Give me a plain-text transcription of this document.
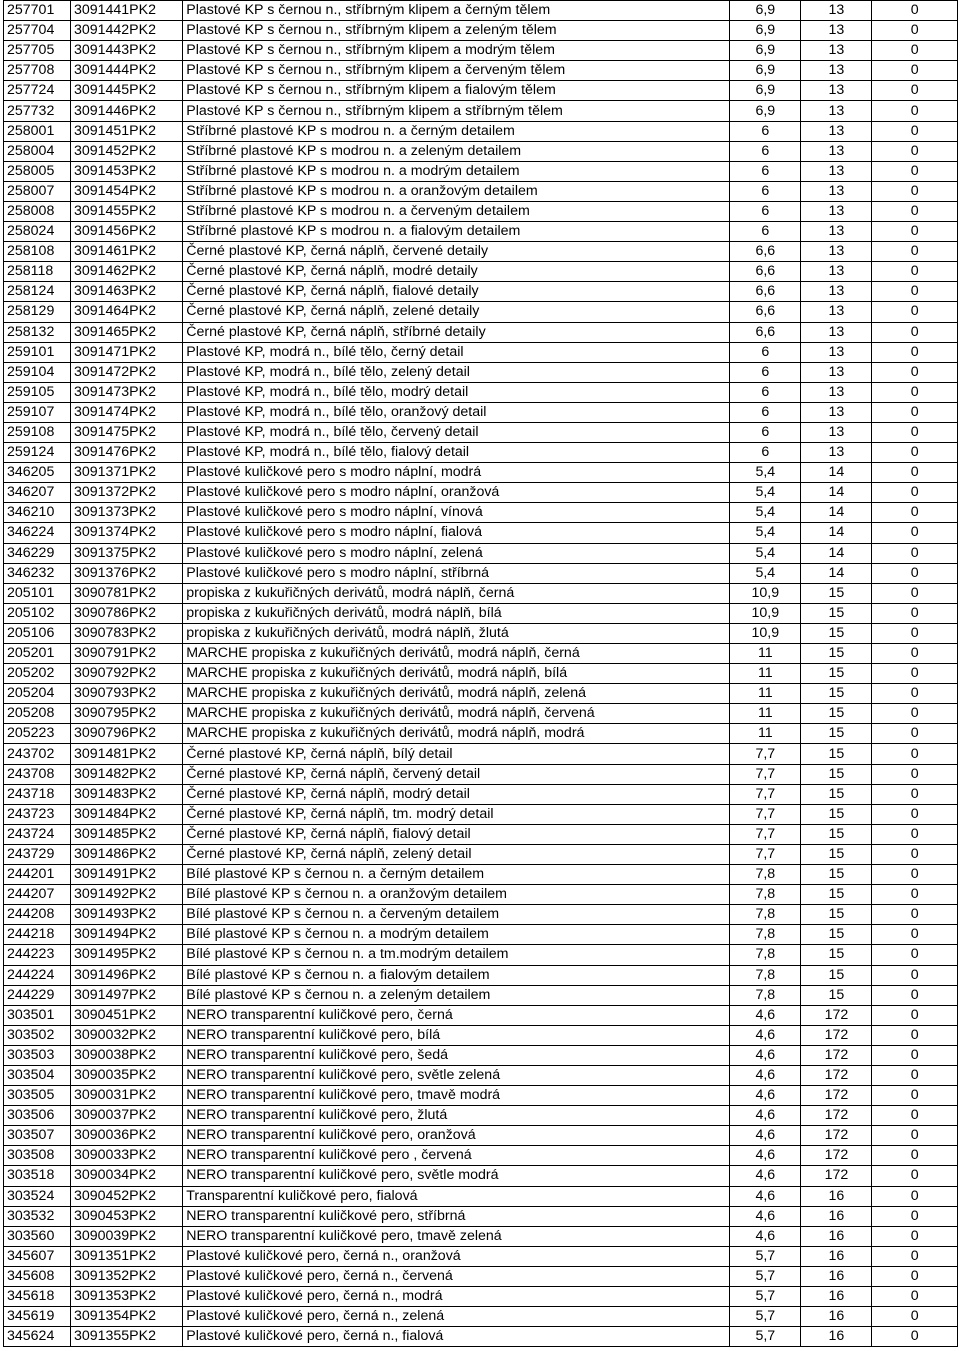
257701	3091441PK2	Plastové KP s černou n., stříbrným klipem a černým tělem	6,9	13	0
257704	3091442PK2	Plastové KP s černou n., stříbrným klipem a zeleným tělem	6,9	13	0
257705	3091443PK2	Plastové KP s černou n., stříbrným klipem a modrým tělem	6,9	13	0
257708	3091444PK2	Plastové KP s černou n., stříbrným klipem a červeným tělem	6,9	13	0
257724	3091445PK2	Plastové KP s černou n., stříbrným klipem a fialovým tělem	6,9	13	0
257732	3091446PK2	Plastové KP s černou n., stříbrným klipem a stříbrným tělem	6,9	13	0
258001	3091451PK2	Stříbrné plastové KP s modrou n. a černým detailem	6	13	0
258004	3091452PK2	Stříbrné plastové KP s modrou n. a zeleným detailem	6	13	0
258005	3091453PK2	Stříbrné plastové KP s modrou n. a modrým detailem	6	13	0
258007	3091454PK2	Stříbrné plastové KP s modrou n. a oranžovým detailem	6	13	0
258008	3091455PK2	Stříbrné plastové KP s modrou n. a červeným detailem	6	13	0
258024	3091456PK2	Stříbrné plastové KP s modrou n. a fialovým detailem	6	13	0
258108	3091461PK2	Černé plastové KP, černá náplň, červené detaily	6,6	13	0
258118	3091462PK2	Černé plastové KP, černá náplň, modré detaily	6,6	13	0
258124	3091463PK2	Černé plastové KP, černá náplň, fialové detaily	6,6	13	0
258129	3091464PK2	Černé plastové KP, černá náplň, zelené detaily	6,6	13	0
258132	3091465PK2	Černé plastové KP, černá náplň, stříbrné detaily	6,6	13	0
259101	3091471PK2	Plastové KP, modrá n., bílé tělo, černý detail	6	13	0
259104	3091472PK2	Plastové KP, modrá n., bílé tělo, zelený detail	6	13	0
259105	3091473PK2	Plastové KP, modrá n., bílé tělo, modrý detail	6	13	0
259107	3091474PK2	Plastové KP, modrá n., bílé tělo, oranžový detail	6	13	0
259108	3091475PK2	Plastové KP, modrá n., bílé tělo, červený detail	6	13	0
259124	3091476PK2	Plastové KP, modrá n., bílé tělo, fialový detail	6	13	0
346205	3091371PK2	Plastové kuličkové pero s modro náplní, modrá	5,4	14	0
346207	3091372PK2	Plastové kuličkové pero s modro náplní, oranžová	5,4	14	0
346210	3091373PK2	Plastové kuličkové pero s modro náplní, vínová	5,4	14	0
346224	3091374PK2	Plastové kuličkové pero s modro náplní, fialová	5,4	14	0
346229	3091375PK2	Plastové kuličkové pero s modro náplní, zelená	5,4	14	0
346232	3091376PK2	Plastové kuličkové pero s modro náplní, stříbrná	5,4	14	0
205101	3090781PK2	propiska z kukuřičných derivátů, modrá náplň, černá	10,9	15	0
205102	3090786PK2	propiska z kukuřičných derivátů, modrá náplň, bílá	10,9	15	0
205106	3090783PK2	propiska z kukuřičných derivátů, modrá náplň, žlutá	10,9	15	0
205201	3090791PK2	MARCHE propiska z kukuřičných derivátů, modrá náplň, černá	11	15	0
205202	3090792PK2	MARCHE propiska z kukuřičných derivátů, modrá náplň, bílá	11	15	0
205204	3090793PK2	MARCHE propiska z kukuřičných derivátů, modrá náplň, zelená	11	15	0
205208	3090795PK2	MARCHE propiska z kukuřičných derivátů, modrá náplň, červená	11	15	0
205223	3090796PK2	MARCHE propiska z kukuřičných derivátů, modrá náplň, modrá	11	15	0
243702	3091481PK2	Černé plastové KP, černá náplň, bílý detail	7,7	15	0
243708	3091482PK2	Černé plastové KP, černá náplň, červený detail	7,7	15	0
243718	3091483PK2	Černé plastové KP, černá náplň, modrý detail	7,7	15	0
243723	3091484PK2	Černé plastové KP, černá náplň, tm. modrý detail	7,7	15	0
243724	3091485PK2	Černé plastové KP, černá náplň, fialový detail	7,7	15	0
243729	3091486PK2	Černé plastové KP, černá náplň, zelený detail	7,7	15	0
244201	3091491PK2	Bílé plastové KP s černou n. a černým detailem	7,8	15	0
244207	3091492PK2	Bílé plastové KP s černou n. a oranžovým detailem	7,8	15	0
244208	3091493PK2	Bílé plastové KP s černou n. a červeným detailem	7,8	15	0
244218	3091494PK2	Bílé plastové KP s černou n. a modrým detailem	7,8	15	0
244223	3091495PK2	Bílé plastové KP s černou n. a tm.modrým detailem	7,8	15	0
244224	3091496PK2	Bílé plastové KP s černou n. a fialovým detailem	7,8	15	0
244229	3091497PK2	Bílé plastové KP s černou n. a zeleným detailem	7,8	15	0
303501	3090451PK2	NERO transparentní kuličkové pero, černá	4,6	172	0
303502	3090032PK2	NERO transparentní kuličkové pero, bílá	4,6	172	0
303503	3090038PK2	NERO transparentní kuličkové pero, šedá	4,6	172	0
303504	3090035PK2	NERO transparentní kuličkové pero, světle zelená	4,6	172	0
303505	3090031PK2	NERO transparentní kuličkové pero, tmavě modrá	4,6	172	0
303506	3090037PK2	NERO transparentní kuličkové pero, žlutá	4,6	172	0
303507	3090036PK2	NERO transparentní kuličkové pero, oranžová	4,6	172	0
303508	3090033PK2	NERO transparentní kuličkové pero , červená	4,6	172	0
303518	3090034PK2	NERO transparentní kuličkové pero, světle modrá	4,6	172	0
303524	3090452PK2	Transparentní kuličkové pero, fialová	4,6	16	0
303532	3090453PK2	NERO transparentní kuličkové pero, stříbrná	4,6	16	0
303560	3090039PK2	NERO transparentní kuličkové pero, tmavě zelená	4,6	16	0
345607	3091351PK2	Plastové kuličkové pero, černá n., oranžová	5,7	16	0
345608	3091352PK2	Plastové kuličkové pero, černá n., červená	5,7	16	0
345618	3091353PK2	Plastové kuličkové pero, černá n., modrá	5,7	16	0
345619	3091354PK2	Plastové kuličkové pero, černá n., zelená	5,7	16	0
345624	3091355PK2	Plastové kuličkové pero, černá n., fialová	5,7	16	0
